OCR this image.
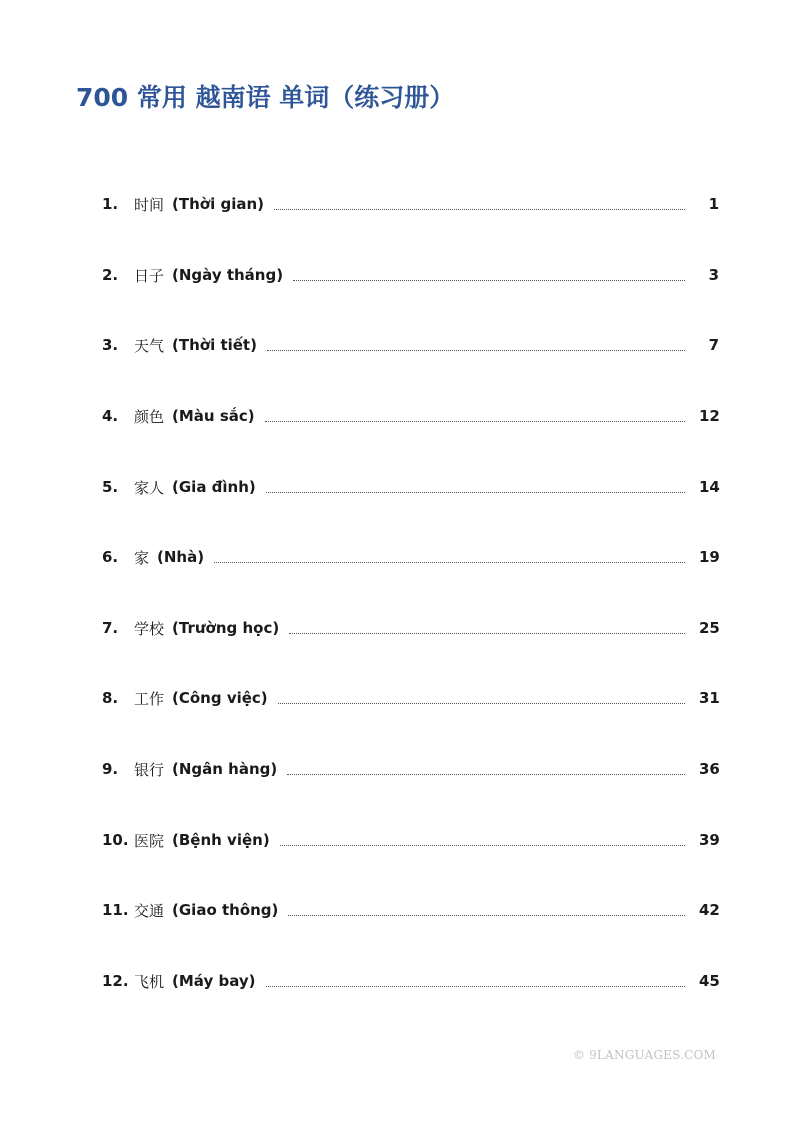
700 常用 越南语 单词（练习册）
1.	时间 (Thời gian)	1
2.	日子 (Ngày tháng)	3
3.	天气 (Thời tiết)	7
4.	颜色 (Màu sắc)	12
5.	家人 (Gia đình)	14
6.	家 (Nhà)	19
7.	学校 (Trường học)	25
8.	工作 (Công việc)	31
9.	银行 (Ngân hàng)	36
10. 医院 (Bệnh viện)	39
11. 交通 (Giao thông)	42
12. 飞机 (Máy bay)	45
© 9LANGUAGES.COM
